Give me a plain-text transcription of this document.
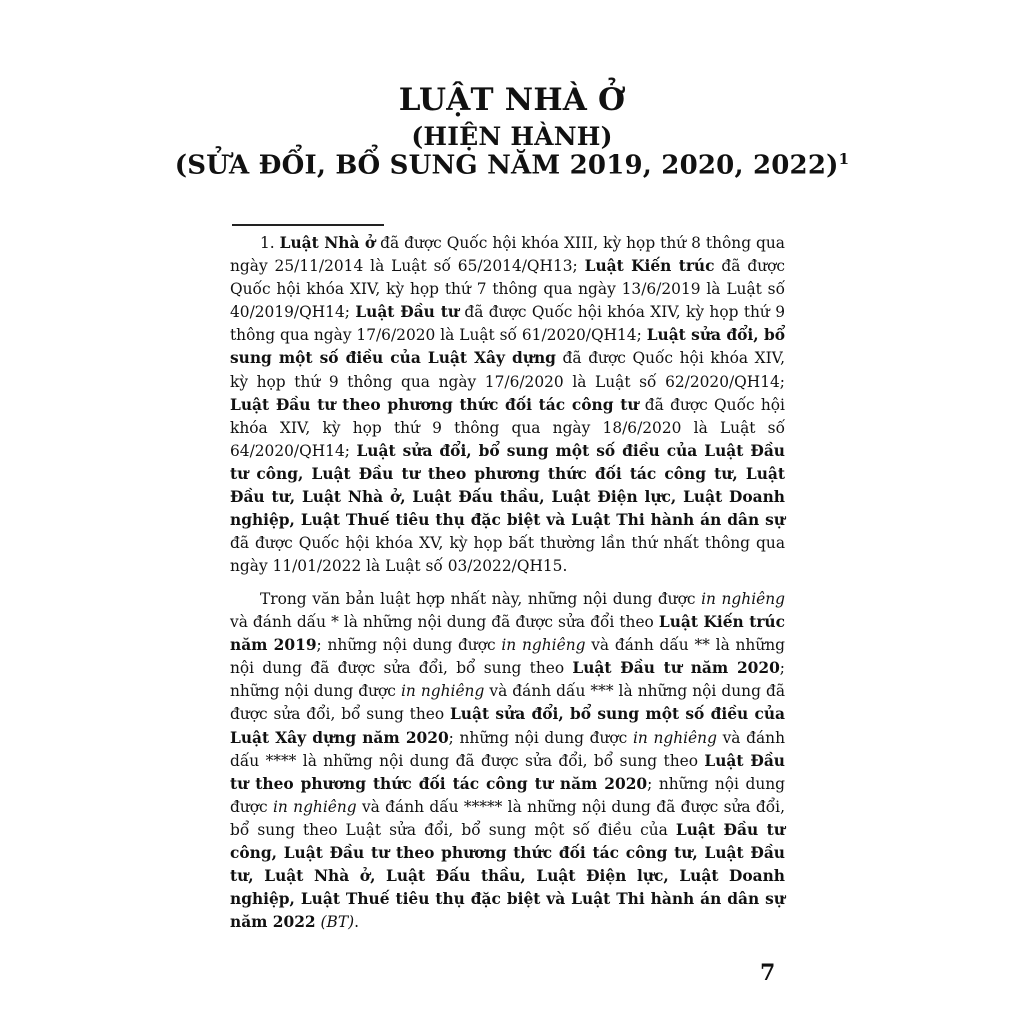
LUẬT NHÀ Ở
(HIỆN HÀNH)
(SỬA ĐỔI, BỔ SUNG NĂM 2019, 2020, 2022)$^1$

1. Luật Nhà ở đã được Quốc hội khóa XIII, kỳ họp thứ 8 thông qua ngày 25/11/2014 là Luật số 65/2014/QH13; Luật Kiến trúc đã được Quốc hội khóa XIV, kỳ họp thứ 7 thông qua ngày 13/6/2019 là Luật số 40/2019/QH14; Luật Đầu tư đã được Quốc hội khóa XIV, kỳ họp thứ 9 thông qua ngày 17/6/2020 là Luật số 61/2020/QH14; Luật sửa đổi, bổ sung một số điều của Luật Xây dựng đã được Quốc hội khóa XIV, kỳ họp thứ 9 thông qua ngày 17/6/2020 là Luật số 62/2020/QH14; Luật Đầu tư theo phương thức đối tác công tư đã được Quốc hội khóa XIV, kỳ họp thứ 9 thông qua ngày 18/6/2020 là Luật số 64/2020/QH14; Luật sửa đổi, bổ sung một số điều của Luật Đầu tư công, Luật Đầu tư theo phương thức đối tác công tư, Luật Đầu tư, Luật Nhà ở, Luật Đấu thầu, Luật Điện lực, Luật Doanh nghiệp, Luật Thuế tiêu thụ đặc biệt và Luật Thi hành án dân sự đã được Quốc hội khóa XV, kỳ họp bất thường lần thứ nhất thông qua ngày 11/01/2022 là Luật số 03/2022/QH15.

Trong văn bản luật hợp nhất này, những nội dung được in nghiêng và đánh dấu * là những nội dung đã được sửa đổi theo Luật Kiến trúc năm 2019; những nội dung được in nghiêng và đánh dấu ** là những nội dung đã được sửa đổi, bổ sung theo Luật Đầu tư năm 2020; những nội dung được in nghiêng và đánh dấu *** là những nội dung đã được sửa đổi, bổ sung theo Luật sửa đổi, bổ sung một số điều của Luật Xây dựng năm 2020; những nội dung được in nghiêng và đánh dấu **** là những nội dung đã được sửa đổi, bổ sung theo Luật Đầu tư theo phương thức đối tác công tư năm 2020; những nội dung được in nghiêng và đánh dấu ***** là những nội dung đã được sửa đổi, bổ sung theo Luật sửa đổi, bổ sung một số điều của Luật Đầu tư công, Luật Đầu tư theo phương thức đối tác công tư, Luật Đầu tư, Luật Nhà ở, Luật Đấu thầu, Luật Điện lực, Luật Doanh nghiệp, Luật Thuế tiêu thụ đặc biệt và Luật Thi hành án dân sự năm 2022 (BT).

7
